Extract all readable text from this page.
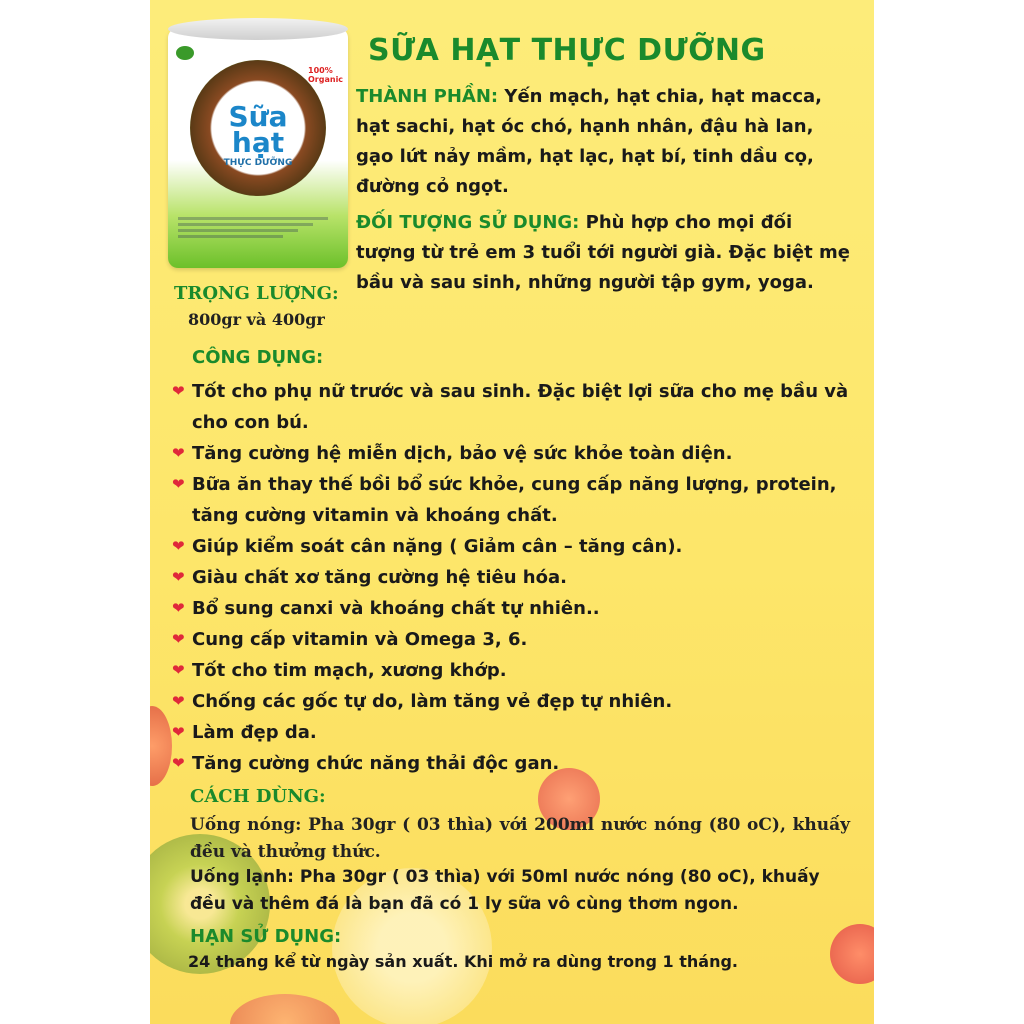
Sữa
hạt
THỰC DƯỠNG
100% Organic
SỮA HẠT THỰC DƯỠNG
THÀNH PHẦN: Yến mạch, hạt chia, hạt macca, hạt sachi, hạt óc chó, hạnh nhân, đậu hà lan, gạo lứt nảy mầm, hạt lạc, hạt bí, tinh dầu cọ, đường cỏ ngọt.
ĐỐI TƯỢNG SỬ DỤNG: Phù hợp cho mọi đối tượng từ trẻ em 3 tuổi tới người già. Đặc biệt mẹ bầu và sau sinh, những người tập gym, yoga.
TRỌNG LƯỢNG:
800gr và 400gr
CÔNG DỤNG:
❤ Tốt cho phụ nữ trước và sau sinh. Đặc biệt lợi sữa cho mẹ bầu và cho con bú.
❤ Tăng cường hệ miễn dịch, bảo vệ sức khỏe toàn diện.
❤ Bữa ăn thay thế bồi bổ sức khỏe, cung cấp năng lượng, protein, tăng cường vitamin và khoáng chất.
❤ Giúp kiểm soát cân nặng ( Giảm cân – tăng cân).
❤ Giàu chất xơ tăng cường hệ tiêu hóa.
❤ Bổ sung canxi và khoáng chất tự nhiên..
❤ Cung cấp vitamin và Omega 3, 6.
❤ Tốt cho tim mạch, xương khớp.
❤ Chống các gốc tự do, làm tăng vẻ đẹp tự nhiên.
❤ Làm đẹp da.
❤ Tăng cường chức năng thải độc gan.
CÁCH DÙNG:
Uống nóng: Pha 30gr ( 03 thìa) với 200ml nước nóng (80 oC), khuấy đều và thưởng thức.
Uống lạnh: Pha 30gr ( 03 thìa) với 50ml nước nóng (80 oC), khuấy đều và thêm đá là bạn đã có 1 ly sữa vô cùng thơm ngon.
HẠN SỬ DỤNG:
24 thang kể từ ngày sản xuất. Khi mở ra dùng trong 1 tháng.
